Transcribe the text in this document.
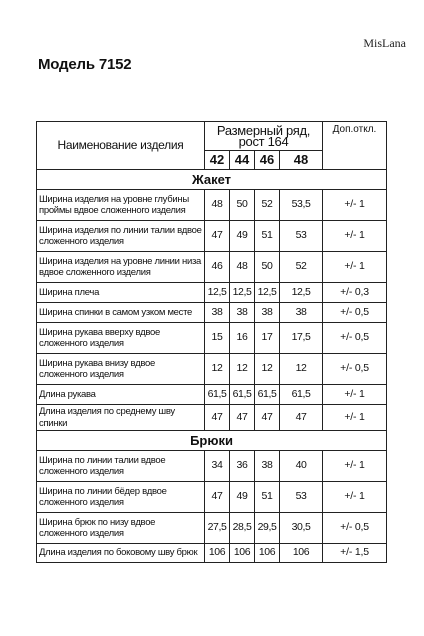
MisLana
Модель 7152
Наименование изделия	Размерный ряд, рост 164				Доп.откл.
	42	44	46	48	
Жакет					
Ширина изделия на уровне глубины проймы вдвое сложенного изделия	48	50	52	53,5	+/- 1
Ширина изделия по линии талии вдвое сложенного изделия	47	49	51	53	+/- 1
Ширина изделия на уровне линии низа вдвое сложенного изделия	46	48	50	52	+/- 1
Ширина плеча	12,5	12,5	12,5	12,5	+/- 0,3
Ширина спинки в самом узком месте	38	38	38	38	+/- 0,5
Ширина рукава вверху вдвое сложенного изделия	15	16	17	17,5	+/- 0,5
Ширина рукава внизу вдвое сложенного изделия	12	12	12	12	+/- 0,5
Длина рукава	61,5	61,5	61,5	61,5	+/- 1
Длина изделия по среднему шву спинки	47	47	47	47	+/- 1
Брюки					
Ширина по линии талии вдвое сложенного изделия	34	36	38	40	+/- 1
Ширина по линии бёдер вдвое сложенного изделия	47	49	51	53	+/- 1
Ширина брюк по низу вдвое сложенного изделия	27,5	28,5	29,5	30,5	+/- 0,5
Длина изделия по боковому шву брюк	106	106	106	106	+/- 1,5
